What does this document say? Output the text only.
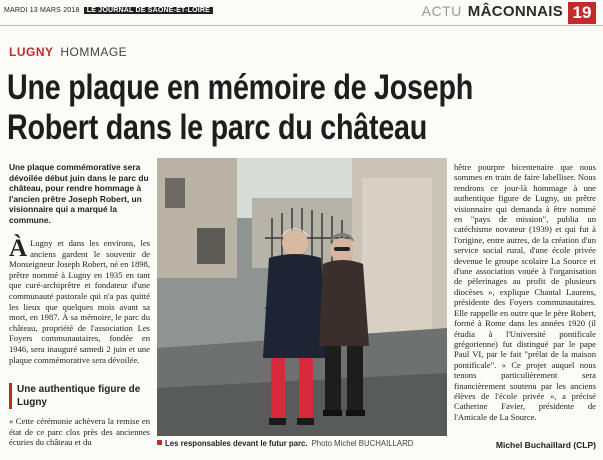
MARDI 13 MARS 2018 LE JOURNAL DE SAÔNE-ET-LOIRE	ACTU MÂCONNAIS 19
LUGNY HOMMAGE
Une plaque en mémoire de Joseph Robert dans le parc du château

Une plaque commémorative sera dévoilée début juin dans le parc du château, pour rendre hommage à l'ancien prêtre Joseph Robert, un visionnaire qui a marqué la commune.

À Lugny et dans les environs, les anciens gardent le souvenir de Monseigneur Joseph Robert, né en 1898, prêtre nommé à Lugny en 1935 en tant que curé-archiprêtre et fondateur d'une communauté pastorale qui n'a pas quitté les lieux que quelques mois avant sa mort, en 1987. À sa mémoire, le parc du château, propriété de l'association Les Foyers communautaires, fondée en 1946, sera inauguré samedi 2 juin et une plaque commémorative sera dévoilée.
Une authentique figure de Lugny

« Cette cérémonie achèvera la remise en état de ce parc clos près des anciennes écuries du château et du	Les responsables devant le futur parc. Photo Michel BUCHAILLARD

hêtre pourpre bicentenaire que nous sommes en train de faire labelliser. Nous rendrons ce jour-là hommage à une authentique figure de Lugny, un prêtre visionnaire qui demanda à être nommé en "pays de mission", publia un catéchisme novateur (1939) et qui fut à l'origine, entre autres, de la création d'un service social rural, d'une école privée devenue le groupe scolaire La Source et d'une association vouée à l'organisation de pèlerinages au profit de plusieurs diocèses », explique Chantal Laurens, présidente des Foyers communautaires. Elle rappelle en outre que le père Robert, formé à Rome dans les années 1920 (il étudia à l'Université pontificale grégorienne) fut distingué par le pape Paul VI, par le fait "prélat de la maison pontificale". « Ce projet auquel nous tenons particulièrement sera financièrement soutenu par les anciens élèves de l'école privée », a précisé Catherine Favier, présidente de l'Amicale de La Source.

Michel Buchaillard (CLP)
